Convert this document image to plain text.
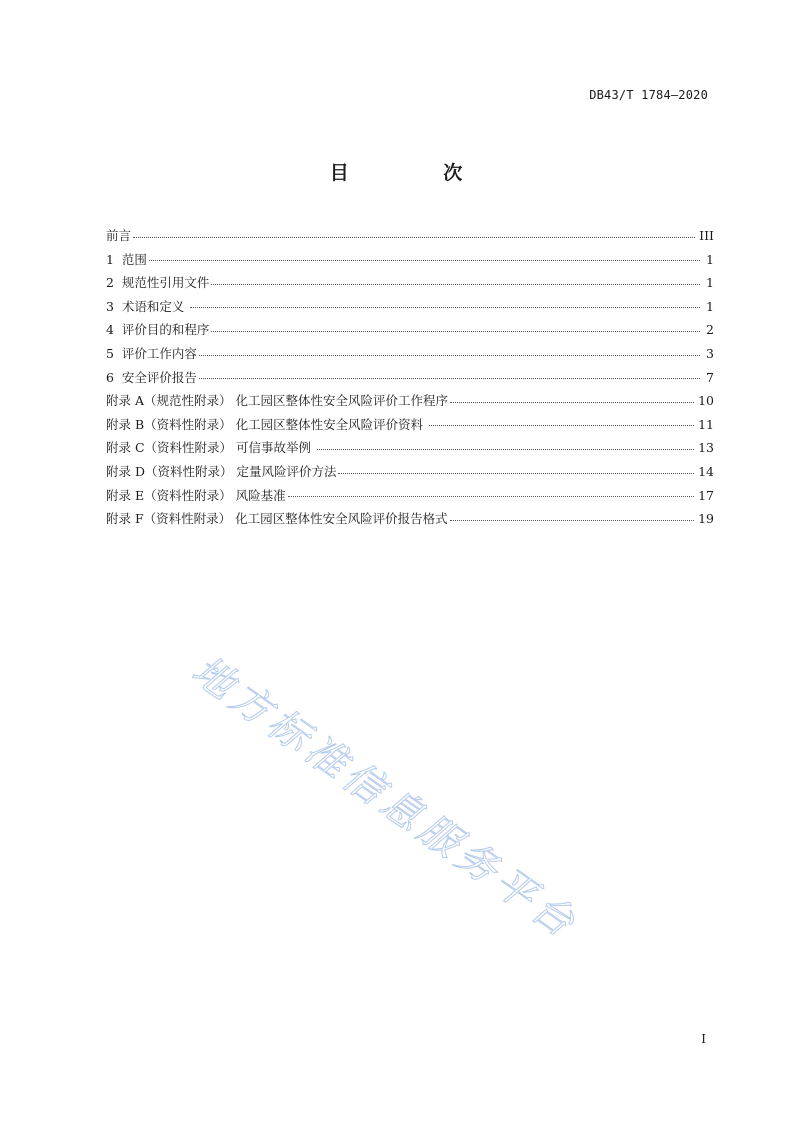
DB43/T 1784—2020
目 次
前言	III
1  范围	1
2  规范性引用文件	1
3  术语和定义	1
4  评价目的和程序	2
5  评价工作内容	3
6  安全评价报告	7
附录 A（规范性附录） 化工园区整体性安全风险评价工作程序	10
附录 B（资料性附录） 化工园区整体性安全风险评价资料	11
附录 C（资料性附录） 可信事故举例	13
附录 D（资料性附录） 定量风险评价方法	14
附录 E（资料性附录） 风险基准	17
附录 F（资料性附录） 化工园区整体性安全风险评价报告格式	19
地方标准信息服务平台
I
